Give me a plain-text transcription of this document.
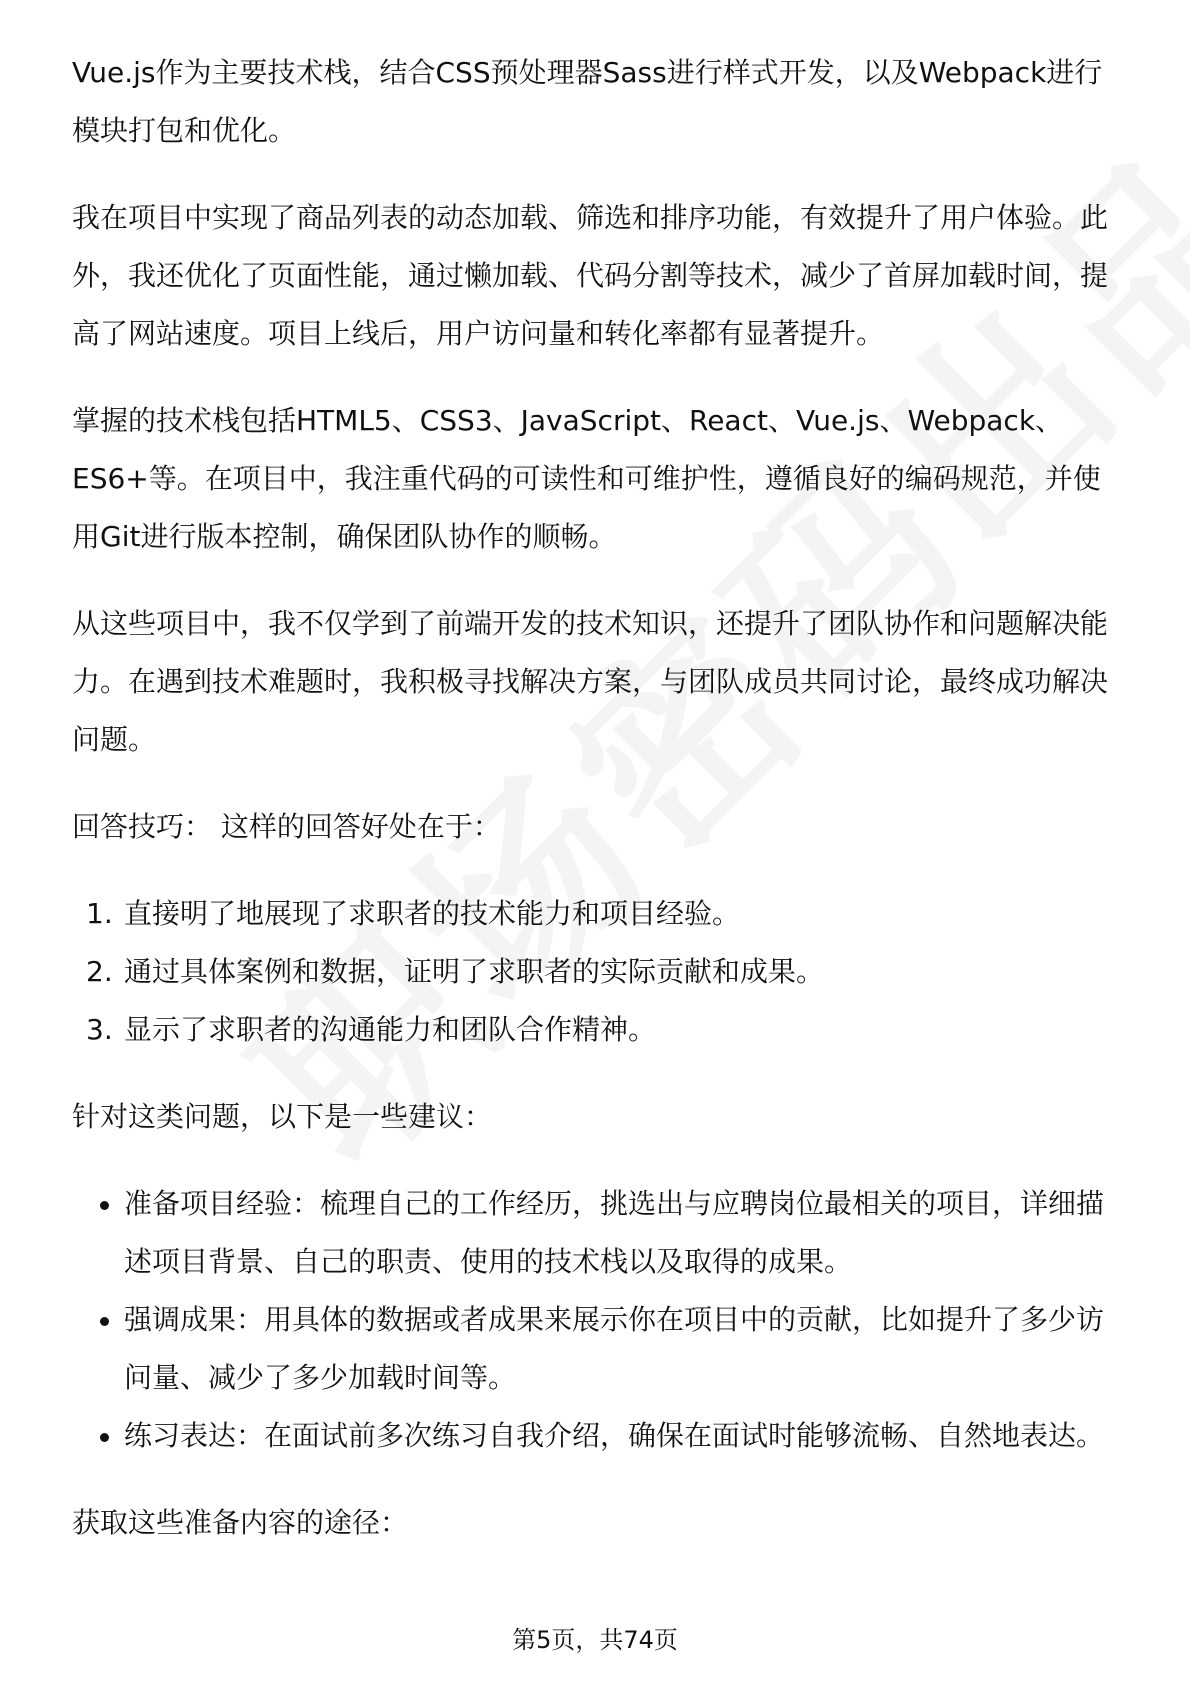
Vue.js作为主要技术栈，结合CSS预处理器Sass进行样式开发，以及Webpack进行模块打包和优化。

我在项目中实现了商品列表的动态加载、筛选和排序功能，有效提升了用户体验。此外，我还优化了页面性能，通过懒加载、代码分割等技术，减少了首屏加载时间，提高了网站速度。项目上线后，用户访问量和转化率都有显著提升。

掌握的技术栈包括HTML5、CSS3、JavaScript、React、Vue.js、Webpack、ES6+等。在项目中，我注重代码的可读性和可维护性，遵循良好的编码规范，并使用Git进行版本控制，确保团队协作的顺畅。

从这些项目中，我不仅学到了前端开发的技术知识，还提升了团队协作和问题解决能力。在遇到技术难题时，我积极寻找解决方案，与团队成员共同讨论，最终成功解决问题。

回答技巧： 这样的回答好处在于：

1. 直接明了地展现了求职者的技术能力和项目经验。
2. 通过具体案例和数据，证明了求职者的实际贡献和成果。
3. 显示了求职者的沟通能力和团队合作精神。

针对这类问题，以下是一些建议：

准备项目经验：梳理自己的工作经历，挑选出与应聘岗位最相关的项目，详细描述项目背景、自己的职责、使用的技术栈以及取得的成果。
强调成果：用具体的数据或者成果来展示你在项目中的贡献，比如提升了多少访问量、减少了多少加载时间等。
练习表达：在面试前多次练习自我介绍，确保在面试时能够流畅、自然地表达。

获取这些准备内容的途径：

第5页，共74页
